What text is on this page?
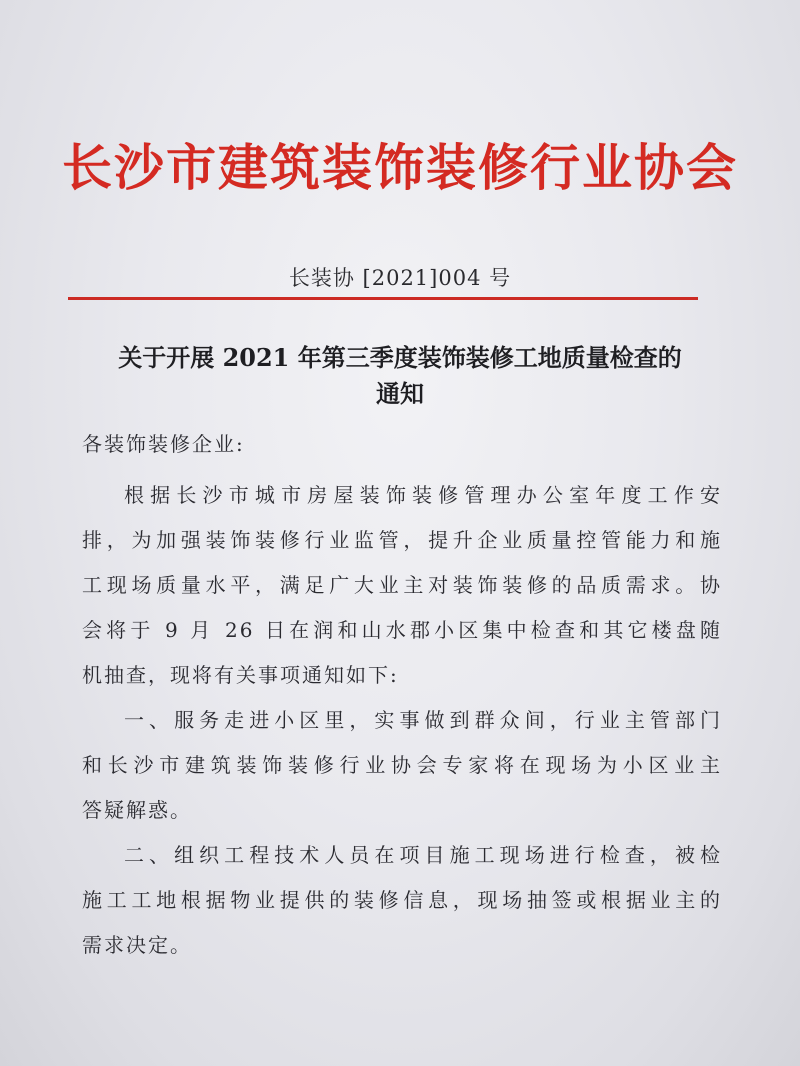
长沙市建筑装饰装修行业协会
长装协 [2021]004 号
关于开展 2021 年第三季度装饰装修工地质量检查的
通知
各装饰装修企业:
根据长沙市城市房屋装饰装修管理办公室年度工作安
排，为加强装饰装修行业监管，提升企业质量控管能力和施
工现场质量水平，满足广大业主对装饰装修的品质需求。协
会将于 9 月 26 日在润和山水郡小区集中检查和其它楼盘随
机抽查，现将有关事项通知如下:
一、服务走进小区里，实事做到群众间，行业主管部门
和长沙市建筑装饰装修行业协会专家将在现场为小区业主
答疑解惑。
二、组织工程技术人员在项目施工现场进行检查，被检
施工工地根据物业提供的装修信息，现场抽签或根据业主的
需求决定。
